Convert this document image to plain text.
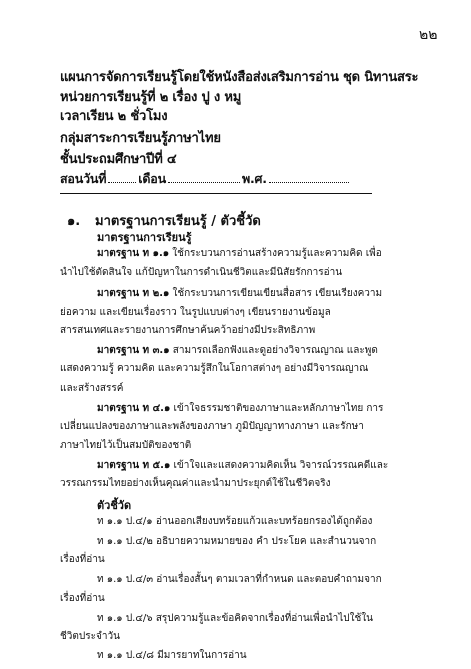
๒๒
แผนการจัดการเรียนรู้โดยใช้หนังสือส่งเสริมการอ่าน ชุด นิทานสระ
หน่วยการเรียนรู้ที่ ๒ เรื่อง ปู ง หมู
เวลาเรียน ๒ ชั่วโมง
กลุ่มสาระการเรียนรู้ภาษาไทย
ชั้นประถมศึกษาปีที่ ๔
สอนวันที่	เดือน	พ.ศ.
๑. มาตรฐานการเรียนรู้ / ตัวชี้วัด
มาตรฐานการเรียนรู้
มาตรฐาน ท ๑.๑ ใช้กระบวนการอ่านสร้างความรู้และความคิด เพื่อ
นำไปใช้ตัดสินใจ แก้ปัญหาในการดำเนินชีวิตและมีนิสัยรักการอ่าน
มาตรฐาน ท ๒.๑ ใช้กระบวนการเขียนเขียนสื่อสาร เขียนเรียงความ
ย่อความ และเขียนเรื่องราว ในรูปแบบต่างๆ เขียนรายงานข้อมูล
สารสนเทศและรายงานการศึกษาค้นคว้าอย่างมีประสิทธิภาพ
มาตรฐาน ท ๓.๑ สามารถเลือกฟังและดูอย่างวิจารณญาณ และพูด
แสดงความรู้ ความคิด และความรู้สึกในโอกาสต่างๆ อย่างมีวิจารณญาณ
และสร้างสรรค์
มาตรฐาน ท ๔.๑ เข้าใจธรรมชาติของภาษาและหลักภาษาไทย การ
เปลี่ยนแปลงของภาษาและพลังของภาษา ภูมิปัญญาทางภาษา และรักษา
ภาษาไทยไว้เป็นสมบัติของชาติ
มาตรฐาน ท ๕.๑ เข้าใจและแสดงความคิดเห็น วิจารณ์วรรณคดีและ
วรรณกรรมไทยอย่างเห็นคุณค่าและนำมาประยุกต์ใช้ในชีวิตจริง
ตัวชี้วัด
ท ๑.๑ ป.๔/๑ อ่านออกเสียงบทร้อยแก้วและบทร้อยกรองได้ถูกต้อง
ท ๑.๑ ป.๔/๒ อธิบายความหมายของ คำ ประโยค และสำนวนจาก
เรื่องที่อ่าน
ท ๑.๑ ป.๔/๓ อ่านเรื่องสั้นๆ ตามเวลาที่กำหนด และตอบคำถามจาก
เรื่องที่อ่าน
ท ๑.๑ ป.๔/๖ สรุปความรู้และข้อคิดจากเรื่องที่อ่านเพื่อนำไปใช้ใน
ชีวิตประจำวัน
ท ๑.๑ ป.๔/๘ มีมารยาทในการอ่าน
